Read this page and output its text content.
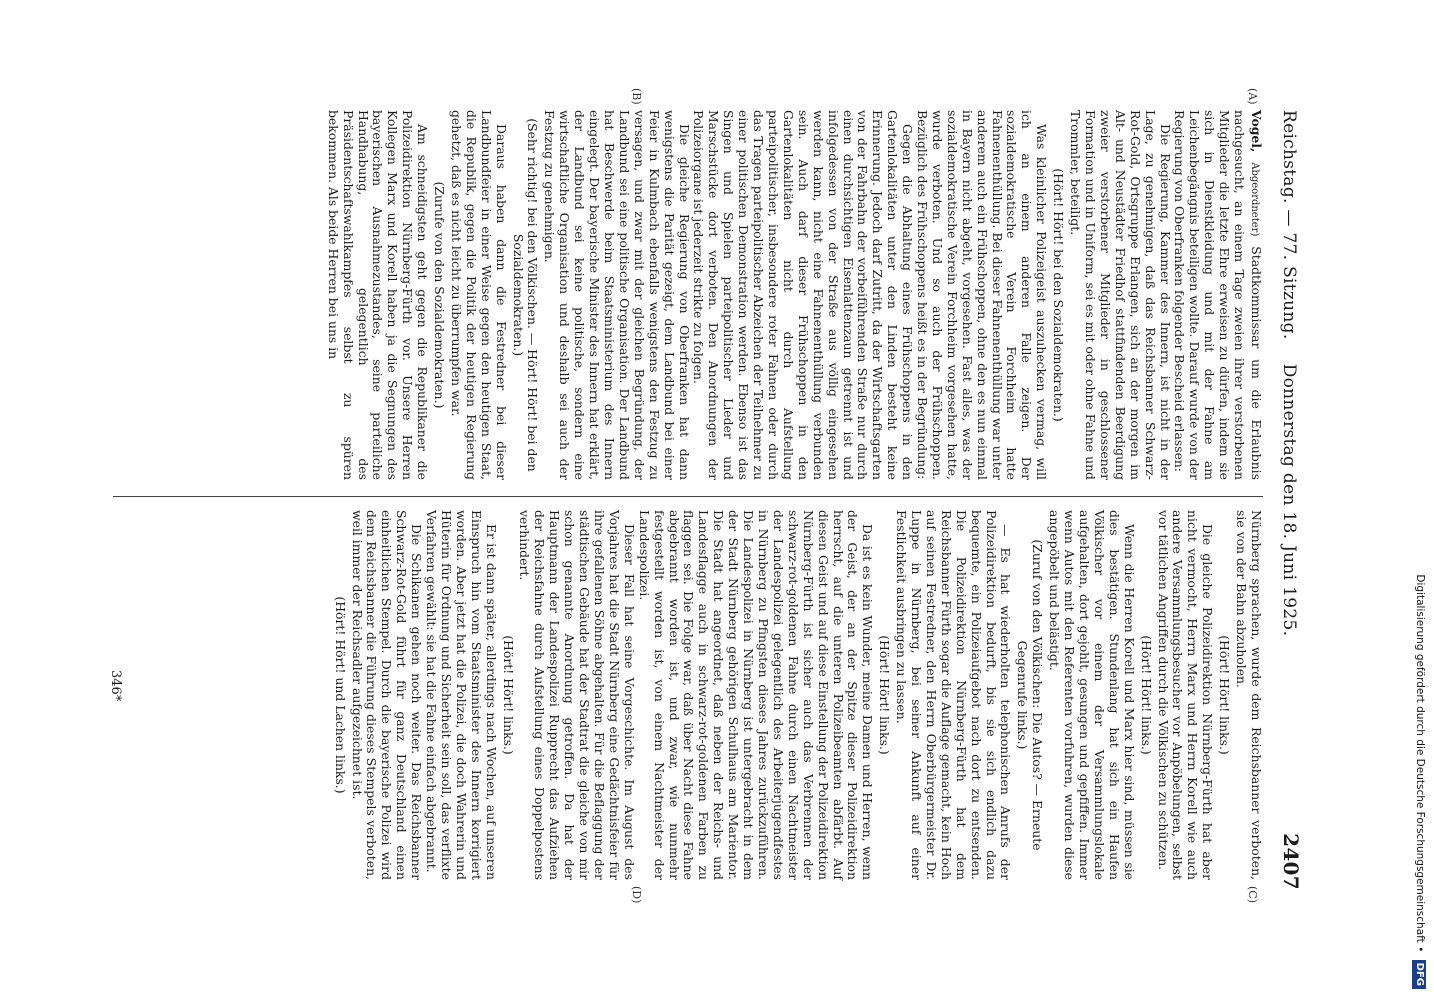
Reichstag. — 77. Sitzung.
Donnerstag den 18. Juni 1925.
2407
(A)
(B)
(C)
(D)

Vogel, Abgeordneter) Stadtkommissar um die Erlaubnis nachgesucht, an einem Tage zweien ihrer verstorbenen Mitglieder die letzte Ehre erweisen zu dürfen, indem sie sich in Dienstkleidung und mit der Fahne am Leichenbegängnis beteiligen wollte. Darauf wurde von der Regierung von Oberfranken folgender Bescheid erlassen:

Die Regierung, Kammer des Innern, ist nicht in der Lage, zu genehmigen, daß das Reichsbanner Schwarz-Rot-Gold, Ortsgruppe Erlangen, sich an der morgen im Alt- und Neustädter Friedhof stattfindenden Beerdigung zweier verstorbener Mitglieder in geschlossener Formation und in Uniform, sei es mit oder ohne Fahne und Trommler, beteiligt.

(Hört! Hört! bei den Sozialdemokraten.)

Was kleinlicher Polizeigeist auszuhecken vermag, will ich an einem anderen Falle zeigen. Der sozialdemokratische Verein Forchheim hatte Fahnenenthüllung. Bei dieser Fahnenenthüllung war unter anderem auch ein Frühschoppen, ohne den es nun einmal in Bayern nicht abgeht, vorgesehen. Fast alles, was der sozialdemokratische Verein Forchheim vorgesehen hatte, wurde verboten. Und so auch der Frühschoppen. Bezüglich des Frühschoppens heißt es in der Begründung:

Gegen die Abhaltung eines Frühschoppens in den Gartenlokalitäten unter den Linden besteht keine Erinnerung. Jedoch darf Zutritt, da der Wirtschaftsgarten von der Fahrbahn der vorbeiführenden Straße nur durch einen durchsichtigen Eisenlattenzaun getrennt ist und infolgedessen von der Straße aus völlig eingesehen werden kann, nicht eine Fahnenenthüllung verbunden sein. Auch darf dieser Frühschoppen in den Gartenlokalitäten nicht durch Aufstellung parteipolitischer, insbesondere roter Fahnen oder durch das Tragen parteipolitischer Abzeichen der Teilnehmer zu einer politischen Demonstration werden. Ebenso ist das Singen und Spielen parteipolitischer Lieder und Marschstücke dort verboten. Den Anordnungen der Polizeiorgane ist jederzeit strikte zu folgen.

Die gleiche Regierung von Oberfranken hat dann wenigstens die Parität gezeigt, dem Landbund bei einer Feier in Kulmbach ebenfalls wenigstens den Festzug zu versagen, und zwar mit der gleichen Begründung, der Landbund sei eine politische Organisation. Der Landbund hat Beschwerde beim Staatsministerium des Innern eingelegt. Der bayerische Minister des Innern hat erklärt, der Landbund sei keine politische, sondern eine wirtschaftliche Organisation und deshalb sei auch der Festzug zu genehmigen.

(Sehr richtig! bei den Völkischen. — Hört! Hört! bei den Sozialdemokraten.)

Daraus haben dann die Festredner bei dieser Landbundfeier in einer Weise gegen den heutigen Staat, die Republik, gegen die Politik der heutigen Regierung gehetzt, daß es nicht leicht zu überrumpfen war.

(Zurufe von den Sozialdemokraten.)

Am schneidigsten geht gegen die Republikaner die Polizeidirektion Nürnberg-Fürth vor. Unsere Herren Kollegen Marx und Korell haben ja die Segnungen des bayerischen Ausnahmezustandes, seine parteiliche Handhabung, gelegentlich des Präsidentschaftswahlkampfes selbst zu spüren bekommen. Als beide Herren bei uns in

Nürnberg sprachen, wurde dem Reichsbanner verboten, sie von der Bahn abzuholen.

(Hört! Hört! links.)

Die gleiche Polizeidirektion Nürnberg-Fürth hat aber nicht vermocht, Herrn Marx und Herrn Korell wie auch andere Versammlungsbesucher vor Anpöbelungen, selbst vor tätlichen Angriffen durch die Völkischen zu schützen.

(Hört! Hört! links.)

Wenn die Herren Korell und Marx hier sind, müssen sie dies bestätigen. Stundenlang hat sich ein Haufen Völkischer vor einem der Versammlungslokale aufgehalten, dort gejohlt, gesungen und gepfiffen. Immer wenn Autos mit den Referenten vorfuhren, wurden diese angepöbelt und belästigt.

(Zuruf von den Völkischen: Die Autos? — Erneute Gegenrufe links.)

— Es hat wiederholten telephonischen Anrufs der Polizeidirektion bedurft, bis sie sich endlich dazu bequemte, ein Polizeiaufgebot nach dort zu entsenden. Die Polizeidirektion Nürnberg-Fürth hat dem Reichsbanner Fürth sogar die Auflage gemacht, kein Hoch auf seinen Festredner, den Herrn Oberbürgermeister Dr. Luppe in Nürnberg, bei seiner Ankunft auf einer Festlichkeit ausbringen zu lassen.

(Hört! Hört! links.)

Da ist es kein Wunder, meine Damen und Herren, wenn der Geist, der an der Spitze dieser Polizeidirektion herrscht, auf die unteren Polizeibeamten abfärbt. Auf diesen Geist und auf diese Einstellung der Polizeidirektion Nürnberg-Fürth ist sicher auch das Verbrennen der schwarz-rot-goldenen Fahne durch einen Nachtmeister der Landespolizei gelegentlich des Arbeiterjugendfestes in Nürnberg zu Pfingsten dieses Jahres zurückzuführen. Die Landespolizei in Nürnberg ist untergebracht in dem der Stadt Nürnberg gehörigen Schulhaus am Marientor. Die Stadt hat angeordnet, daß neben der Reichs- und Landesflagge auch in schwarz-rot-goldenen Farben zu flaggen sei. Die Folge war, daß über Nacht diese Fahne abgebrannt worden ist, und zwar, wie nunmehr festgestellt worden ist, von einem Nachtmeister der Landespolizei.

Dieser Fall hat seine Vorgeschichte. Im August des Vorjahres hat die Stadt Nürnberg eine Gedächtnisfeier für ihre gefallenen Söhne abgehalten. Für die Beflaggung der städtischen Gebäude hat der Stadtrat die gleiche von mir schon genannte Anordnung getroffen. Da hat der Hauptmann der Landespolizei Rupprecht das Aufziehen der Reichsfahne durch Aufstellung eines Doppelpostens verhindert.

(Hört! Hört! links.)

Er ist dann später, allerdings nach Wochen, auf unseren Einspruch hin vom Staatsminister des Innern korrigiert worden. Aber jetzt hat die Polizei, die doch Wahrerin und Hüterin für Ordnung und Sicherheit sein soll, das verflixte Verfahren gewählt: sie hat die Fahne einfach abgebrannt.

Die Schikanen gehen noch weiter. Das Reichsbanner Schwarz-Rot-Gold führt für ganz Deutschland einen einheitlichen Stempel. Durch die bayerische Polizei wird dem Reichsbanner die Führung dieses Stempels verboten, weil immer der Reichsadler aufgezeichnet ist.

(Hört! Hört! und Lachen links.)

346*	Digitalisierung gefördert durch die Deutsche Forschungsgemeinschaft • DFG
